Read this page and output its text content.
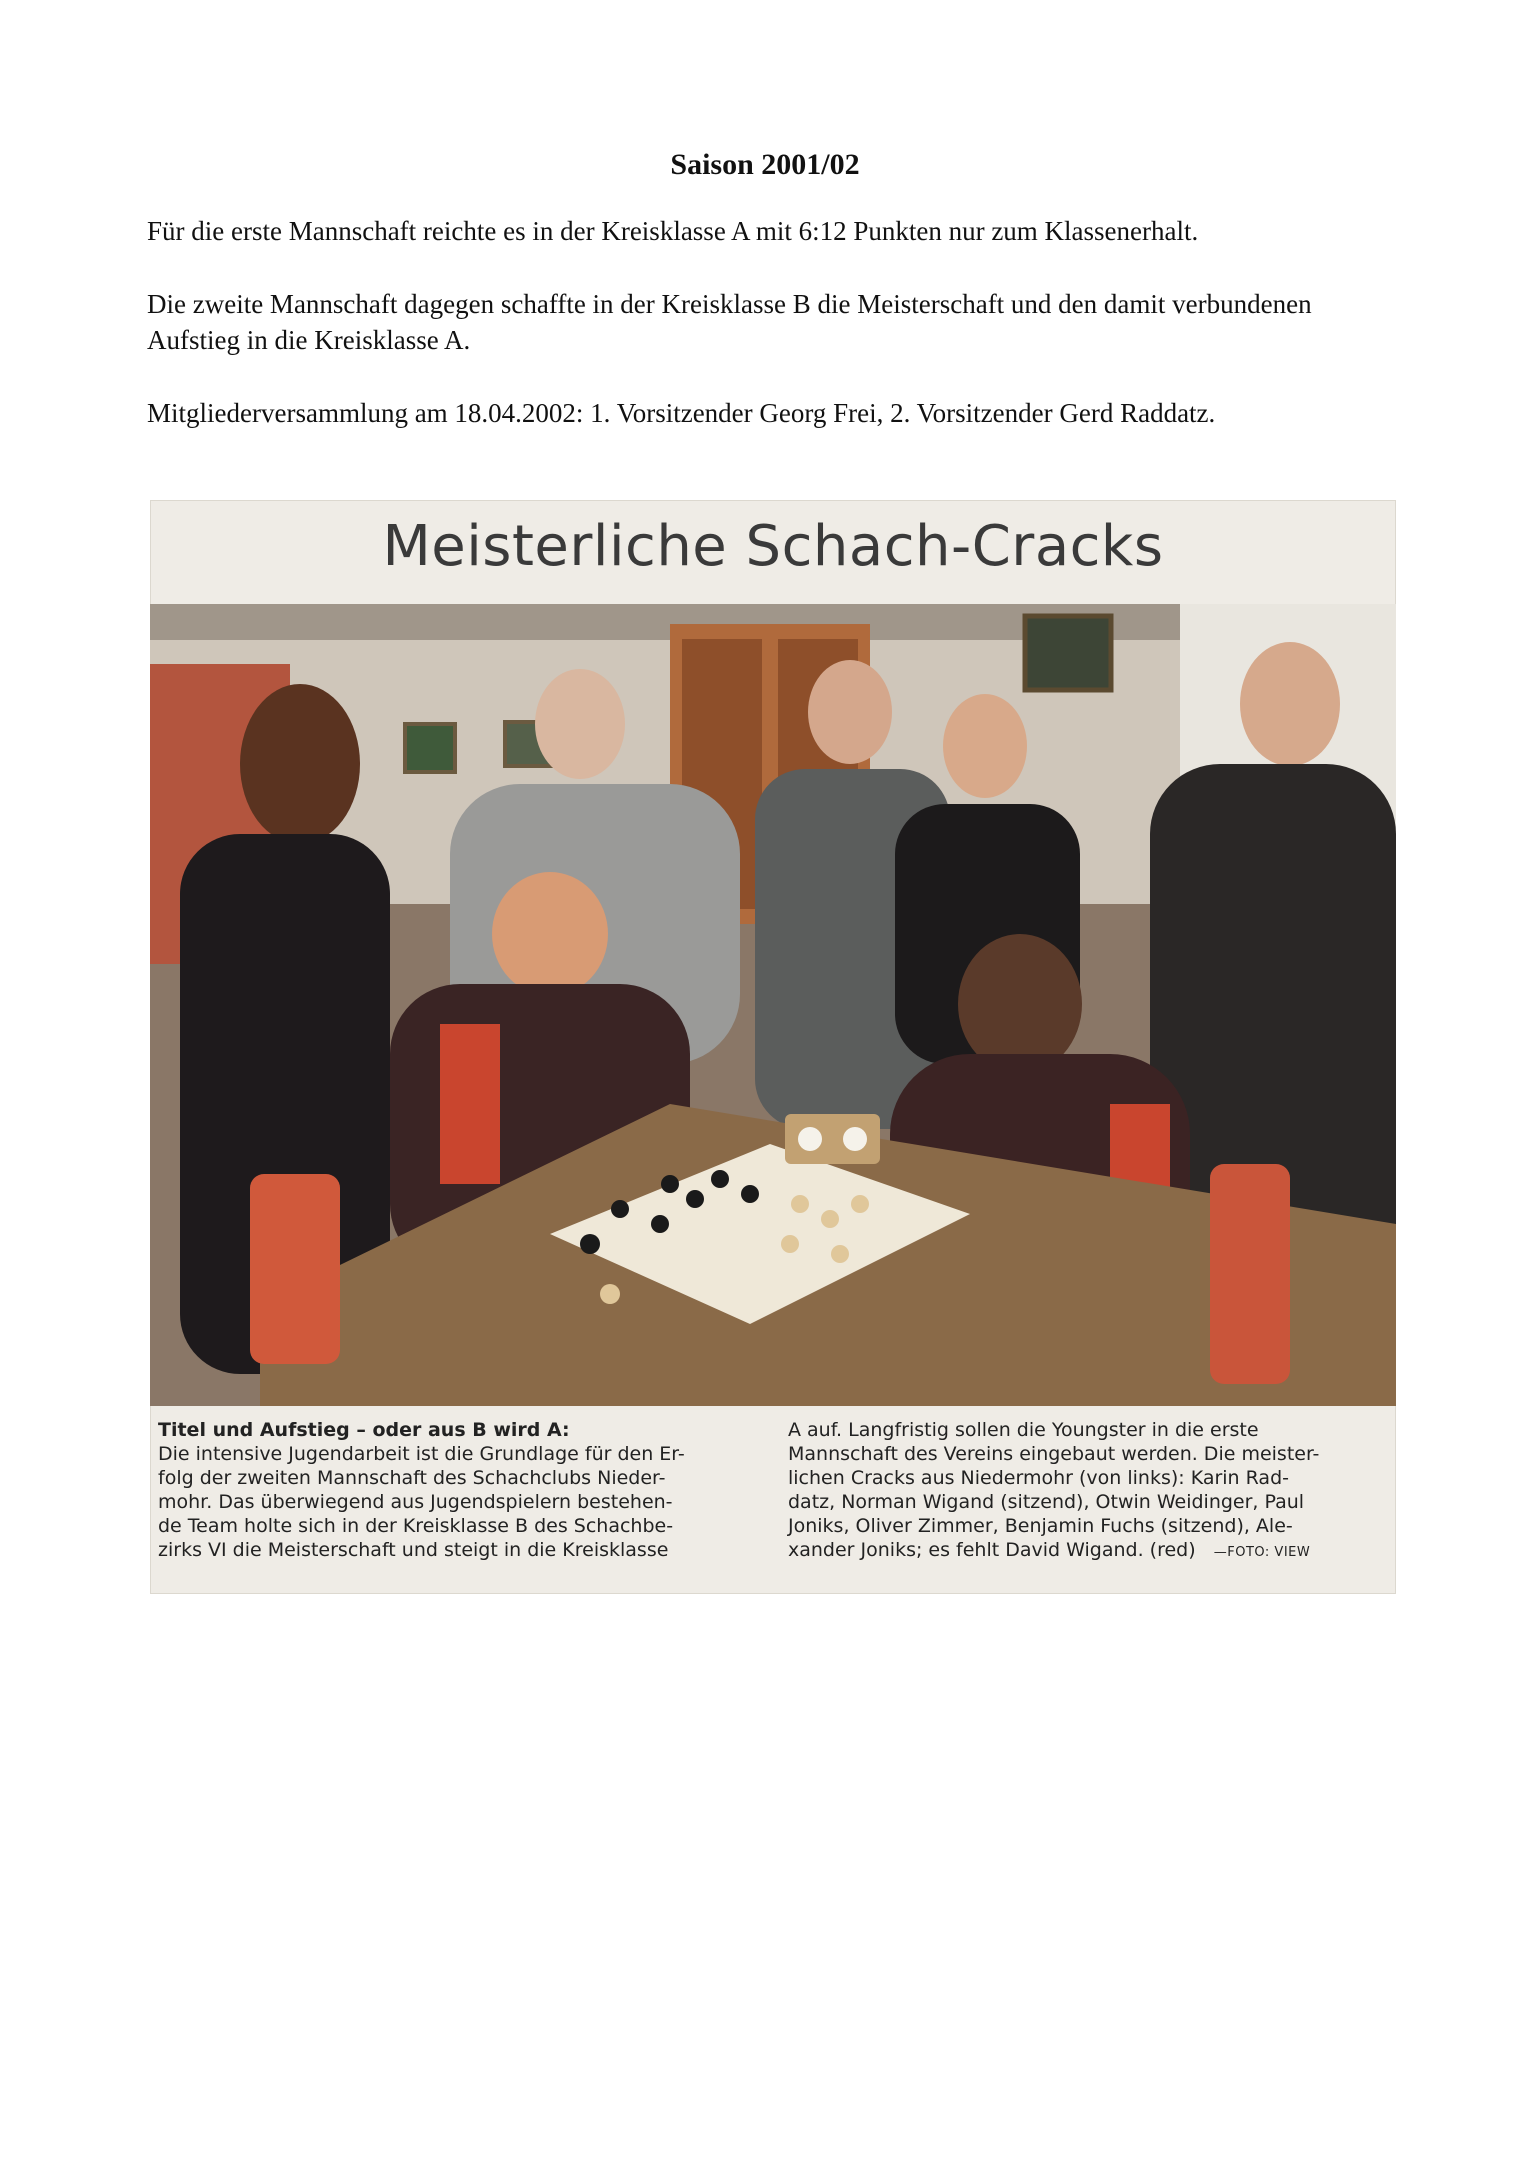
Saison 2001/02

Für die erste Mannschaft reichte es in der Kreisklasse A mit 6:12 Punkten nur zum Klassenerhalt.

Die zweite Mannschaft dagegen schaffte in der Kreisklasse B die Meisterschaft und den damit verbundenen Aufstieg in die Kreisklasse A.

Mitgliederversammlung am 18.04.2002: 1. Vorsitzender Georg Frei, 2. Vorsitzender Gerd Raddatz.

Meisterliche Schach-Cracks
Titel und Aufstieg – oder aus B wird A:
Die intensive Jugendarbeit ist die Grundlage für den Er-
folg der zweiten Mannschaft des Schachclubs Nieder-
mohr. Das überwiegend aus Jugendspielern bestehen-
de Team holte sich in der Kreisklasse B des Schachbe-
zirks VI die Meisterschaft und steigt in die Kreisklasse
A auf. Langfristig sollen die Youngster in die erste
Mannschaft des Vereins eingebaut werden. Die meister-
lichen Cracks aus Niedermohr (von links): Karin Rad-
datz, Norman Wigand (sitzend), Otwin Weidinger, Paul
Joniks, Oliver Zimmer, Benjamin Fuchs (sitzend), Ale-
xander Joniks; es fehlt David Wigand. (red) —FOTO: VIEW
